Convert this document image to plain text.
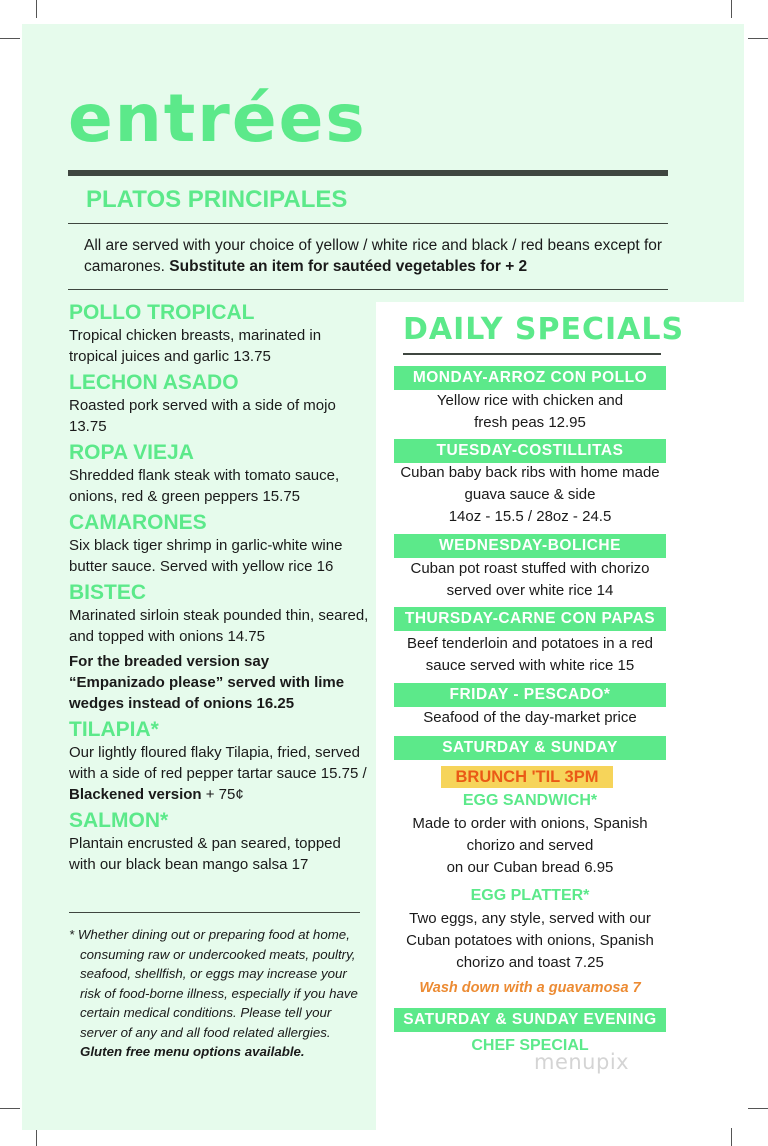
entrées
PLATOS PRINCIPALES
All are served with your choice of yellow / white rice and black / red beans except for camarones. Substitute an item for sautéed vegetables for + 2
POLLO TROPICAL
Tropical chicken breasts, marinated in tropical juices and garlic 13.75
LECHON ASADO
Roasted pork served with a side of mojo 13.75
ROPA VIEJA
Shredded flank steak with tomato sauce, onions, red & green peppers 15.75
CAMARONES
Six black tiger shrimp in garlic-white wine butter sauce. Served with yellow rice 16
BISTEC
Marinated sirloin steak pounded thin, seared, and topped with onions 14.75
For the breaded version say “Empanizado please” served with lime wedges instead of onions 16.25
TILAPIA*
Our lightly floured flaky Tilapia, fried, served with a side of red pepper tartar sauce 15.75 / Blackened version + 75¢
SALMON*
Plantain encrusted & pan seared, topped with our black bean mango salsa 17
* Whether dining out or preparing food at home, consuming raw or undercooked meats, poultry, seafood, shellfish, or eggs may increase your risk of food-borne illness, especially if you have certain medical conditions. Please tell your server of any and all food related allergies. Gluten free menu options available.
DAILY SPECIALS
MONDAY-ARROZ CON POLLO
Yellow rice with chicken and
fresh peas 12.95
TUESDAY-COSTILLITAS
Cuban baby back ribs with home made
guava sauce & side
14oz - 15.5 / 28oz - 24.5
WEDNESDAY-BOLICHE
Cuban pot roast stuffed with chorizo
served over white rice 14
THURSDAY-CARNE CON PAPAS
Beef tenderloin and potatoes in a red
sauce served with white rice 15
FRIDAY - PESCADO*
Seafood of the day-market price
SATURDAY & SUNDAY
BRUNCH 'TIL 3PM
EGG SANDWICH*
Made to order with onions, Spanish
chorizo and served
on our Cuban bread 6.95
EGG PLATTER*
Two eggs, any style, served with our
Cuban potatoes with onions, Spanish
chorizo and toast 7.25
Wash down with a guavamosa 7
SATURDAY & SUNDAY EVENING
CHEF SPECIAL
menupix
